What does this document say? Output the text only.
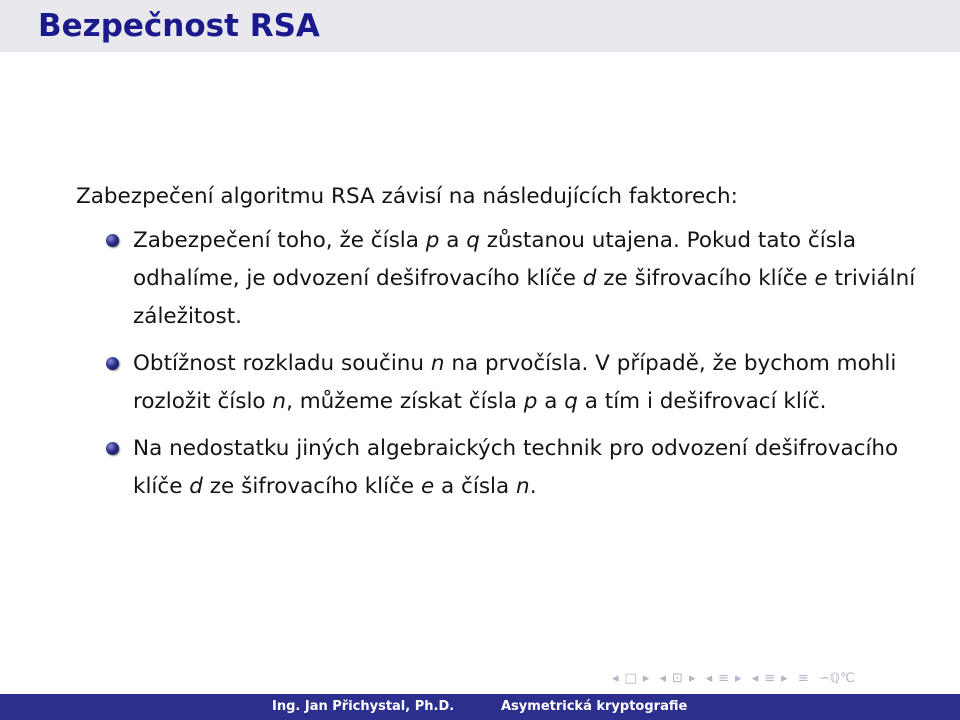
Bezpečnost RSA
Zabezpečení algoritmu RSA závisí na následujících faktorech:
Zabezpečení toho, že čísla p a q zůstanou utajena. Pokud tato čísla odhalíme, je odvození dešifrovacího klíče d ze šifrovacího klíče e triviální záležitost.
Obtížnost rozkladu součinu n na prvočísla. V případě, že bychom mohli rozložit číslo n, můžeme získat čísla p a q a tím i dešifrovací klíč.
Na nedostatku jiných algebraických technik pro odvození dešifrovacího klíče d ze šifrovacího klíče e a čísla n.
◂ □ ▸ ◂ ⊡ ▸ ◂ ≡ ▸ ◂ ≡ ▸ ≡ ∽ℚ℃
Ing. Jan Přichystal, Ph.D.	Asymetrická kryptografie
